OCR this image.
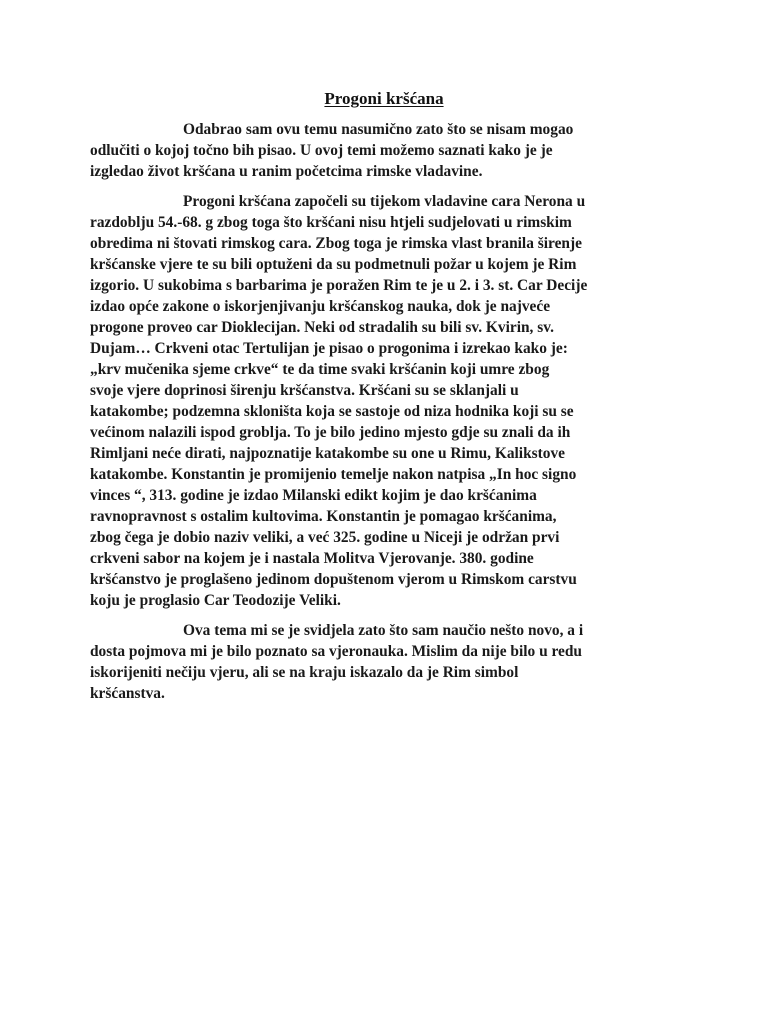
Progoni kršćana

Odabrao sam ovu temu nasumično zato što se nisam mogao
odlučiti o kojoj točno bih pisao. U ovoj temi možemo saznati kako je je
izgledao život kršćana u ranim početcima rimske vladavine.

Progoni kršćana započeli su tijekom vladavine cara Nerona u
razdoblju 54.-68. g zbog toga što kršćani nisu htjeli sudjelovati u rimskim
obredima ni štovati rimskog cara. Zbog toga je rimska vlast branila širenje
kršćanske vjere te su bili optuženi da su podmetnuli požar u kojem je Rim
izgorio. U sukobima s barbarima je poražen Rim te je u 2. i 3. st. Car Decije
izdao opće zakone o iskorjenjivanju kršćanskog nauka, dok je najveće
progone proveo car Dioklecijan. Neki od stradalih su bili sv. Kvirin, sv.
Dujam… Crkveni otac Tertulijan je pisao o progonima i izrekao kako je:
„krv mučenika sjeme crkve“ te da time svaki kršćanin koji umre zbog
svoje vjere doprinosi širenju kršćanstva. Kršćani su se sklanjali u
katakombe; podzemna skloništa koja se sastoje od niza hodnika koji su se
većinom nalazili ispod groblja. To je bilo jedino mjesto gdje su znali da ih
Rimljani neće dirati, najpoznatije katakombe su one u Rimu, Kalikstove
katakombe. Konstantin je promijenio temelje nakon natpisa „In hoc signo
vinces “, 313. godine je izdao Milanski edikt kojim je dao kršćanima
ravnopravnost s ostalim kultovima. Konstantin je pomagao kršćanima,
zbog čega je dobio naziv veliki, a već 325. godine u Niceji je održan prvi
crkveni sabor na kojem je i nastala Molitva Vjerovanje. 380. godine
kršćanstvo je proglašeno jedinom dopuštenom vjerom u Rimskom carstvu
koju je proglasio Car Teodozije Veliki.

Ova tema mi se je svidjela zato što sam naučio nešto novo, a i
dosta pojmova mi je bilo poznato sa vjeronauka. Mislim da nije bilo u redu
iskorijeniti nečiju vjeru, ali se na kraju iskazalo da je Rim simbol
kršćanstva.
